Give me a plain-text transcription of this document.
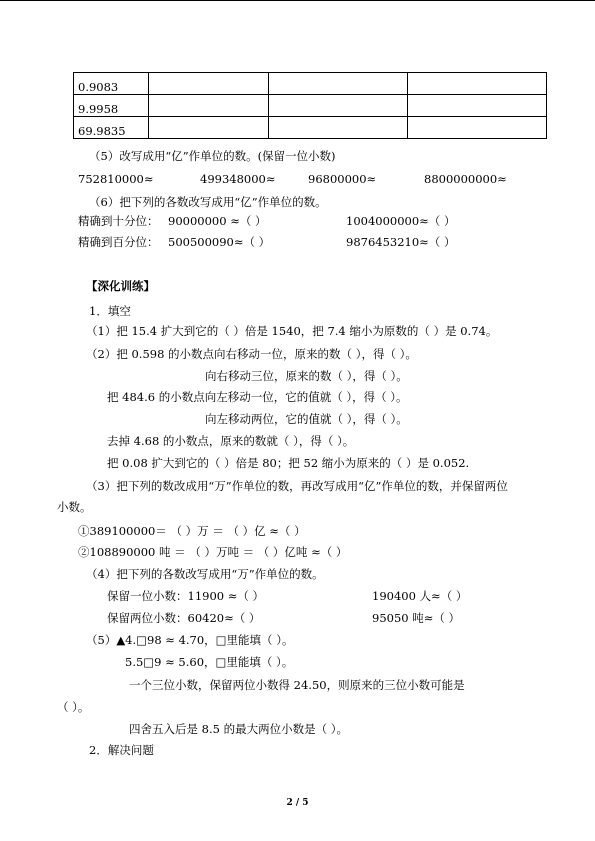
0.9083			
9.9958			
69.9835			
（5）改写成用“亿”作单位的数。(保留一位小数)
752810000≈	499348000≈	96800000≈	8800000000≈
（6）把下列的各数改写成用“亿”作单位的数。
精确到十分位： 90000000 ≈（ ）	1004000000≈（ ）
精确到百分位： 500500090≈（ ）	9876453210≈（ ）
【深化训练】
1．填空
（1）把 15.4 扩大到它的（ ）倍是 1540，把 7.4 缩小为原数的（ ）是 0.74。
（2）把 0.598 的小数点向右移动一位，原来的数（ ），得（ ）。
向右移动三位，原来的数（ ），得（ ）。
把 484.6 的小数点向左移动一位，它的值就（ ），得（ ）。
向左移动两位，它的值就（ ），得（ ）。
去掉 4.68 的小数点，原来的数就（ ），得（ ）。
把 0.08 扩大到它的（ ）倍是 80；把 52 缩小为原来的（ ）是 0.052.
（3）把下列的数改成用“万”作单位的数，再改写成用“亿”作单位的数，并保留两位
小数。
①389100000＝ （ ）万 ＝ （ ）亿 ≈（ ）
②108890000 吨 ＝ （ ）万吨 ＝ （ ）亿吨 ≈（ ）
（4）把下列的各数改写成用“万”作单位的数。
保留一位小数：11900 ≈（ ）	190400 人≈（ ）
保留两位小数：60420≈（ ）	95050 吨≈（ ）
（5）▲4.□98 ≈ 4.70，□里能填（ ）。
5.5□9 ≈ 5.60，□里能填（ ）。
一个三位小数，保留两位小数得 24.50，则原来的三位小数可能是
（ ）。
四舍五入后是 8.5 的最大两位小数是（ ）。
2．解决问题
2 / 5
